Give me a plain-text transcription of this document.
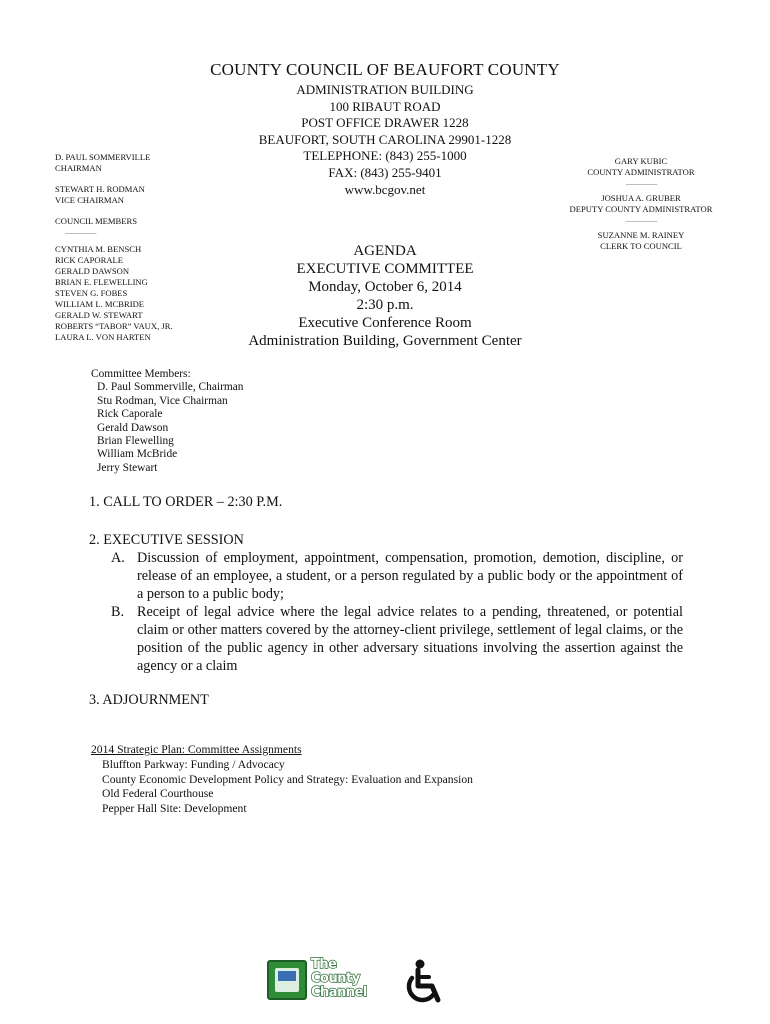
COUNTY COUNCIL OF BEAUFORT COUNTY
ADMINISTRATION BUILDING
100 RIBAUT ROAD
POST OFFICE DRAWER 1228
BEAUFORT, SOUTH CAROLINA 29901-1228
TELEPHONE: (843) 255-1000
FAX: (843) 255-9401
www.bcgov.net
D. PAUL SOMMERVILLE
CHAIRMAN
STEWART H. RODMAN
VICE CHAIRMAN
COUNCIL MEMBERS
————
CYNTHIA M. BENSCH
RICK CAPORALE
GERALD DAWSON
BRIAN E. FLEWELLING
STEVEN G. FOBES
WILLIAM L. MCBRIDE
GERALD W. STEWART
ROBERTS “TABOR” VAUX, JR.
LAURA L. VON HARTEN
GARY KUBIC
COUNTY ADMINISTRATOR
————
JOSHUA A. GRUBER
DEPUTY COUNTY ADMINISTRATOR
————
SUZANNE M. RAINEY
CLERK TO COUNCIL
AGENDA
EXECUTIVE COMMITTEE
Monday, October 6, 2014
2:30 p.m.
Executive Conference Room
Administration Building, Government Center
Committee Members:
D. Paul Sommerville, Chairman
Stu Rodman, Vice Chairman
Rick Caporale
Gerald Dawson
Brian Flewelling
William McBride
Jerry Stewart
1. CALL TO ORDER – 2:30 P.M.
2. EXECUTIVE SESSION
A. Discussion of employment, appointment, compensation, promotion, demotion, discipline, or release of an employee, a student, or a person regulated by a public body or the appointment of a person to a public body;
B. Receipt of legal advice where the legal advice relates to a pending, threatened, or potential claim or other matters covered by the attorney-client privilege, settlement of legal claims, or the position of the public agency in other adversary situations involving the assertion against the agency or a claim
3. ADJOURNMENT
2014 Strategic Plan: Committee Assignments
Bluffton Parkway: Funding / Advocacy
County Economic Development Policy and Strategy: Evaluation and Expansion
Old Federal Courthouse
Pepper Hall Site: Development
The
County
Channel
